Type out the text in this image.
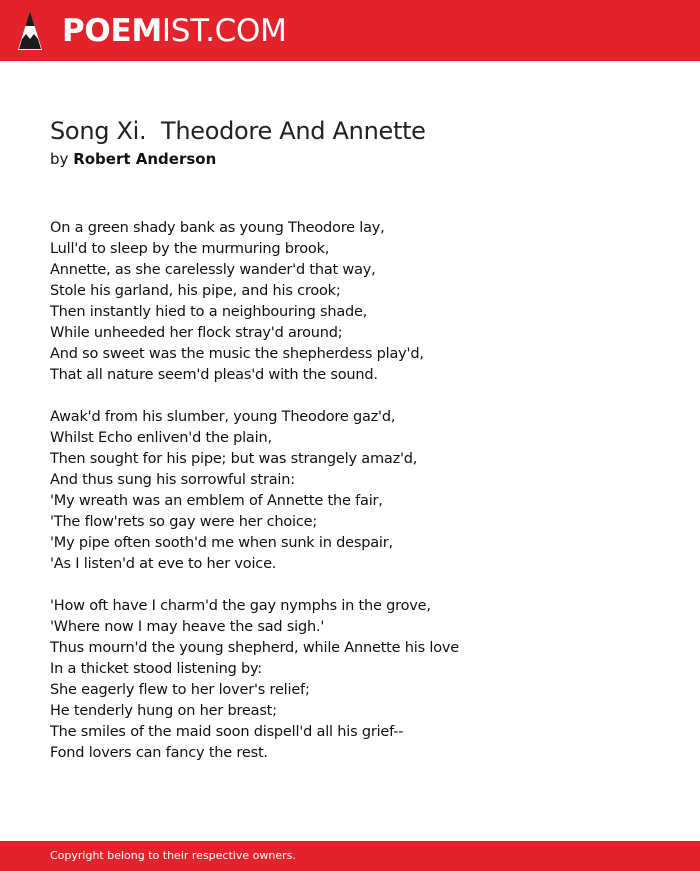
POEMIST.COM
Song Xi.  Theodore And Annette
by Robert Anderson
On a green shady bank as young Theodore lay,
Lull'd to sleep by the murmuring brook,
Annette, as she carelessly wander'd that way,
Stole his garland, his pipe, and his crook;
Then instantly hied to a neighbouring shade,
While unheeded her flock stray'd around;
And so sweet was the music the shepherdess play'd,
That all nature seem'd pleas'd with the sound.
Awak'd from his slumber, young Theodore gaz'd,
Whilst Echo enliven'd the plain,
Then sought for his pipe; but was strangely amaz'd,
And thus sung his sorrowful strain:
'My wreath was an emblem of Annette the fair,
'The flow'rets so gay were her choice;
'My pipe often sooth'd me when sunk in despair,
'As I listen'd at eve to her voice.
'How oft have I charm'd the gay nymphs in the grove,
'Where now I may heave the sad sigh.'
Thus mourn'd the young shepherd, while Annette his love
In a thicket stood listening by:
She eagerly flew to her lover's relief;
He tenderly hung on her breast;
The smiles of the maid soon dispell'd all his grief--
Fond lovers can fancy the rest.
Copyright belong to their respective owners.
